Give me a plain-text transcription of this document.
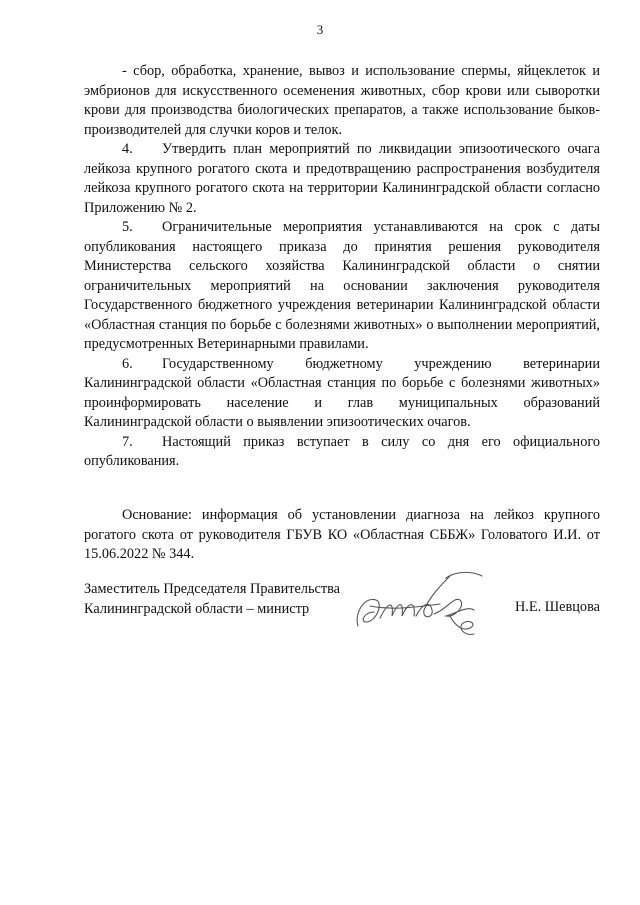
3

- сбор, обработка, хранение, вывоз и использование спермы, яйцеклеток и эмбрионов для искусственного осеменения животных, сбор крови или сыворотки крови для производства биологических препаратов, а также использование быков-производителей для случки коров и телок.

4. Утвердить план мероприятий по ликвидации эпизоотического очага лейкоза крупного рогатого скота и предотвращению распространения возбудителя лейкоза крупного рогатого скота на территории Калининградской области согласно Приложению № 2.

5. Ограничительные мероприятия устанавливаются на срок с даты опубликования настоящего приказа до принятия решения руководителя Министерства сельского хозяйства Калининградской области о снятии ограничительных мероприятий на основании заключения руководителя Государственного бюджетного учреждения ветеринарии Калининградской области «Областная станция по борьбе с болезнями животных» о выполнении мероприятий, предусмотренных Ветеринарными правилами.

6. Государственному бюджетному учреждению ветеринарии Калининградской области «Областная станция по борьбе с болезнями животных» проинформировать население и глав муниципальных образований Калининградской области о выявлении эпизоотических очагов.

7. Настоящий приказ вступает в силу со дня его официального опубликования.

Основание: информация об установлении диагноза на лейкоз крупного рогатого скота от руководителя ГБУВ КО «Областная СББЖ» Головатого И.И. от 15.06.2022 № 344.

Заместитель Председателя Правительства
Калининградской области – министр	Н.Е. Шевцова
